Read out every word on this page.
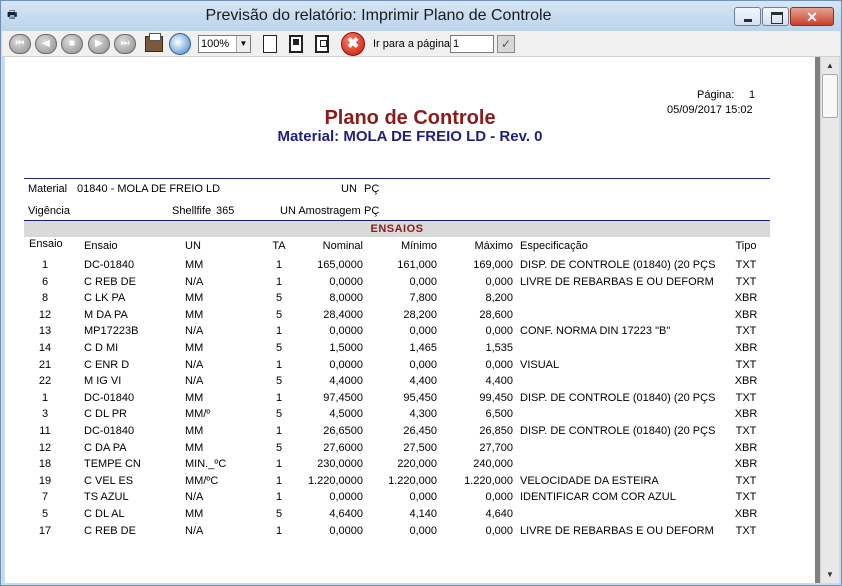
🖶	Previsão do relatório: Imprimir Plano de Controle	✕
⏮	◀	■	▶	⏭	100%	▼	✖	Ir para a página 1	✓
Página: 1
05/09/2017 15:02
Plano de Controle
Material: MOLA DE FREIO LD - Rev. 0
Material 01840 - MOLA DE FREIO LD	UN PÇ
Vigência	Shellfife 365	UN Amostragem PÇ
ENSAIOS
Ensaio Ensaio	UN	TA	Nominal	Mínimo	Máximo Especificação	Tipo
1	DC-01840	MM	1	165,0000	161,000	169,000 DISP. DE CONTROLE (01840) (20 PÇS	TXT
6	C REB DE	N/A	1	0,0000	0,000	0,000 LIVRE DE REBARBAS E OU DEFORM	TXT
8	C LK PA	MM	5	8,0000	7,800	8,200	XBR
12	M DA PA	MM	5	28,4000	28,200	28,600	XBR
13	MP17223B	N/A	1	0,0000	0,000	0,000 CONF. NORMA DIN 17223 "B"	TXT
14	C D MI	MM	5	1,5000	1,465	1,535	XBR
21	C ENR D	N/A	1	0,0000	0,000	0,000 VISUAL	TXT
22	M IG VI	N/A	5	4,4000	4,400	4,400	XBR
1	DC-01840	MM	1	97,4500	95,450	99,450 DISP. DE CONTROLE (01840) (20 PÇS	TXT
3	C DL PR	MM/º	5	4,5000	4,300	6,500	XBR
11	DC-01840	MM	1	26,6500	26,450	26,850 DISP. DE CONTROLE (01840) (20 PÇS	TXT
12	C DA PA	MM	5	27,6000	27,500	27,700	XBR
18	TEMPE CN	MIN._ºC	1	230,0000	220,000	240,000	XBR
19	C VEL ES	MM/ºC	1	1.220,0000	1.220,000	1.220,000 VELOCIDADE DA ESTEIRA	TXT
7	TS AZUL	N/A	1	0,0000	0,000	0,000 IDENTIFICAR COM COR AZUL	TXT
5	C DL AL	MM	5	4,6400	4,140	4,640	XBR
17	C REB DE	N/A	1	0,0000	0,000	0,000 LIVRE DE REBARBAS E OU DEFORM	TXT
▲
▼
